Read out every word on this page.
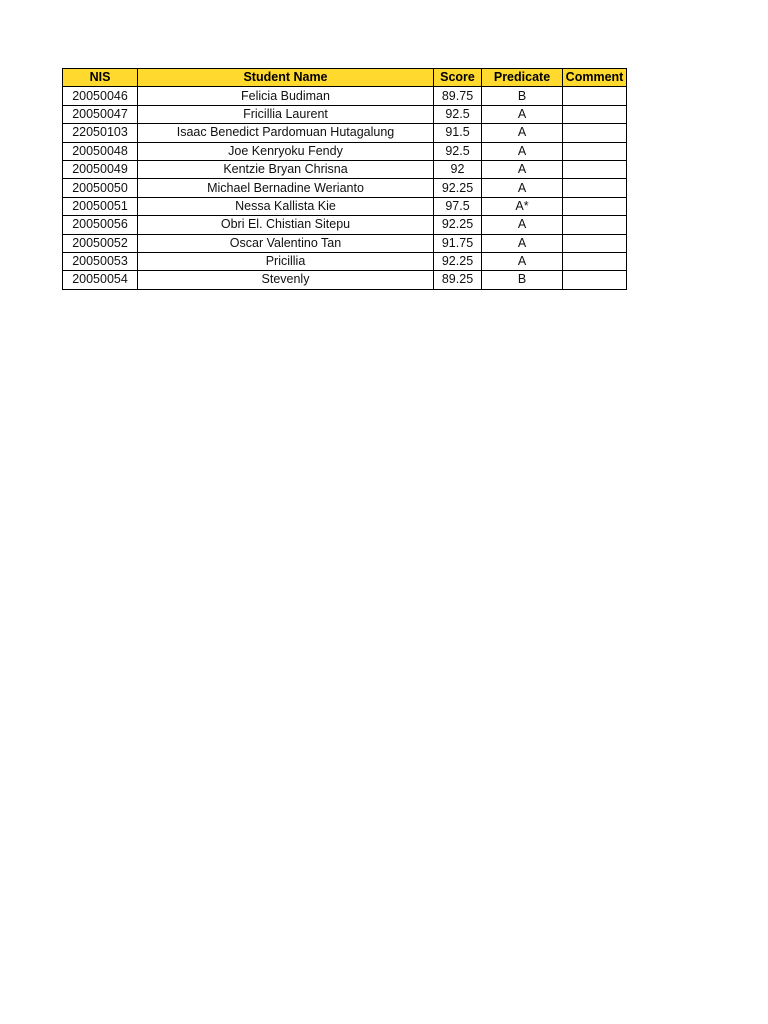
NIS	Student Name	Score	Predicate	Comment
20050046	Felicia Budiman	89.75	B	
20050047	Fricillia Laurent	92.5	A	
22050103	Isaac Benedict Pardomuan Hutagalung	91.5	A	
20050048	Joe Kenryoku Fendy	92.5	A	
20050049	Kentzie Bryan Chrisna	92	A	
20050050	Michael Bernadine Werianto	92.25	A	
20050051	Nessa Kallista Kie	97.5	A*	
20050056	Obri El. Chistian Sitepu	92.25	A	
20050052	Oscar Valentino Tan	91.75	A	
20050053	Pricillia	92.25	A	
20050054	Stevenly	89.25	B	
